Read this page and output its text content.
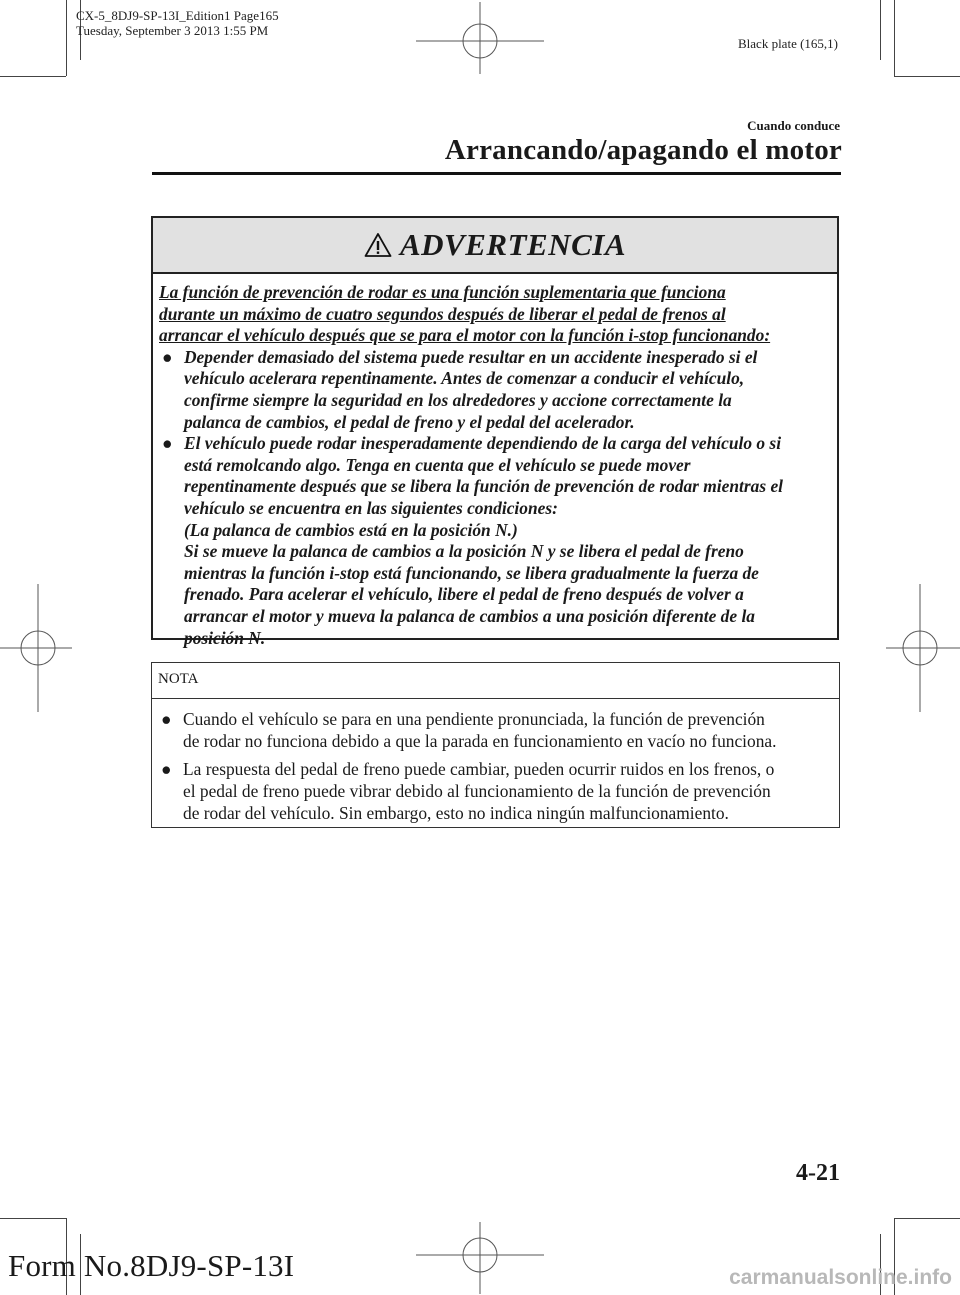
CX-5_8DJ9-SP-13I_Edition1 Page165
Tuesday, September 3 2013 1:55 PM
Black plate (165,1)
Cuando conduce
Arrancando/apagando el motor
ADVERTENCIA
La función de prevención de rodar es una función suplementaria que funciona
durante un máximo de cuatro segundos después de liberar el pedal de frenos al
arrancar el vehículo después que se para el motor con la función i-stop funcionando:
● Depender demasiado del sistema puede resultar en un accidente inesperado si el
vehículo acelerara repentinamente. Antes de comenzar a conducir el vehículo,
confirme siempre la seguridad en los alrededores y accione correctamente la
palanca de cambios, el pedal de freno y el pedal del acelerador.
● El vehículo puede rodar inesperadamente dependiendo de la carga del vehículo o si
está remolcando algo. Tenga en cuenta que el vehículo se puede mover
repentinamente después que se libera la función de prevención de rodar mientras el
vehículo se encuentra en las siguientes condiciones:
(La palanca de cambios está en la posición N.)
Si se mueve la palanca de cambios a la posición N y se libera el pedal de freno
mientras la función i-stop está funcionando, se libera gradualmente la fuerza de
frenado. Para acelerar el vehículo, libere el pedal de freno después de volver a
arrancar el motor y mueva la palanca de cambios a una posición diferente de la
posición N.
NOTA
● Cuando el vehículo se para en una pendiente pronunciada, la función de prevención
de rodar no funciona debido a que la parada en funcionamiento en vacío no funciona.
● La respuesta del pedal de freno puede cambiar, pueden ocurrir ruidos en los frenos, o
el pedal de freno puede vibrar debido al funcionamiento de la función de prevención
de rodar del vehículo. Sin embargo, esto no indica ningún malfuncionamiento.
4-21
Form No.8DJ9-SP-13I	carmanualsonline.info
